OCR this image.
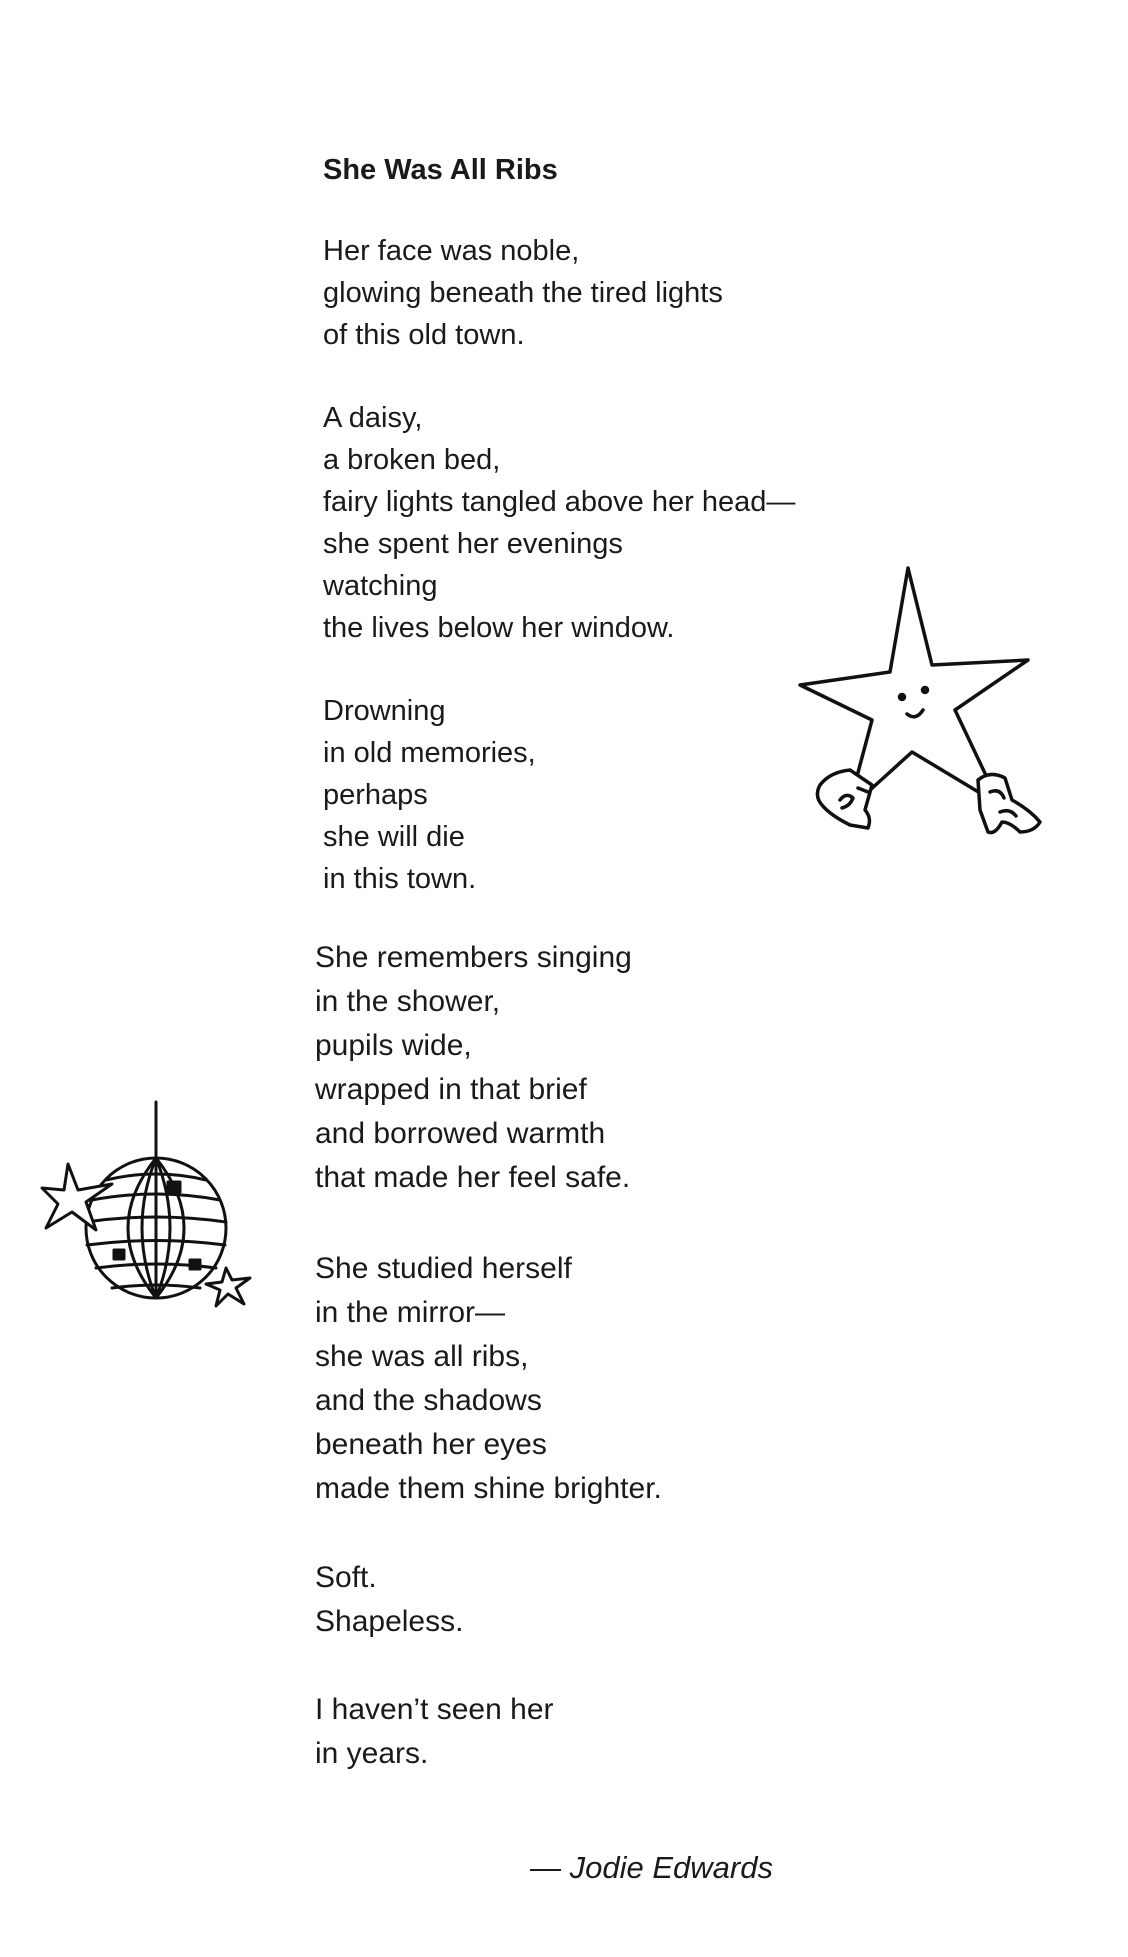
She Was All Ribs
Her face was noble,
glowing beneath the tired lights
of this old town.
A daisy,
a broken bed,
fairy lights tangled above her head—
she spent her evenings
watching
the lives below her window.
Drowning
in old memories,
perhaps
she will die
in this town.
She remembers singing
in the shower,
pupils wide,
wrapped in that brief
and borrowed warmth
that made her feel safe.
She studied herself
in the mirror—
she was all ribs,
and the shadows
beneath her eyes
made them shine brighter.
Soft.
Shapeless.
I haven’t seen her
in years.

— Jodie Edwards
